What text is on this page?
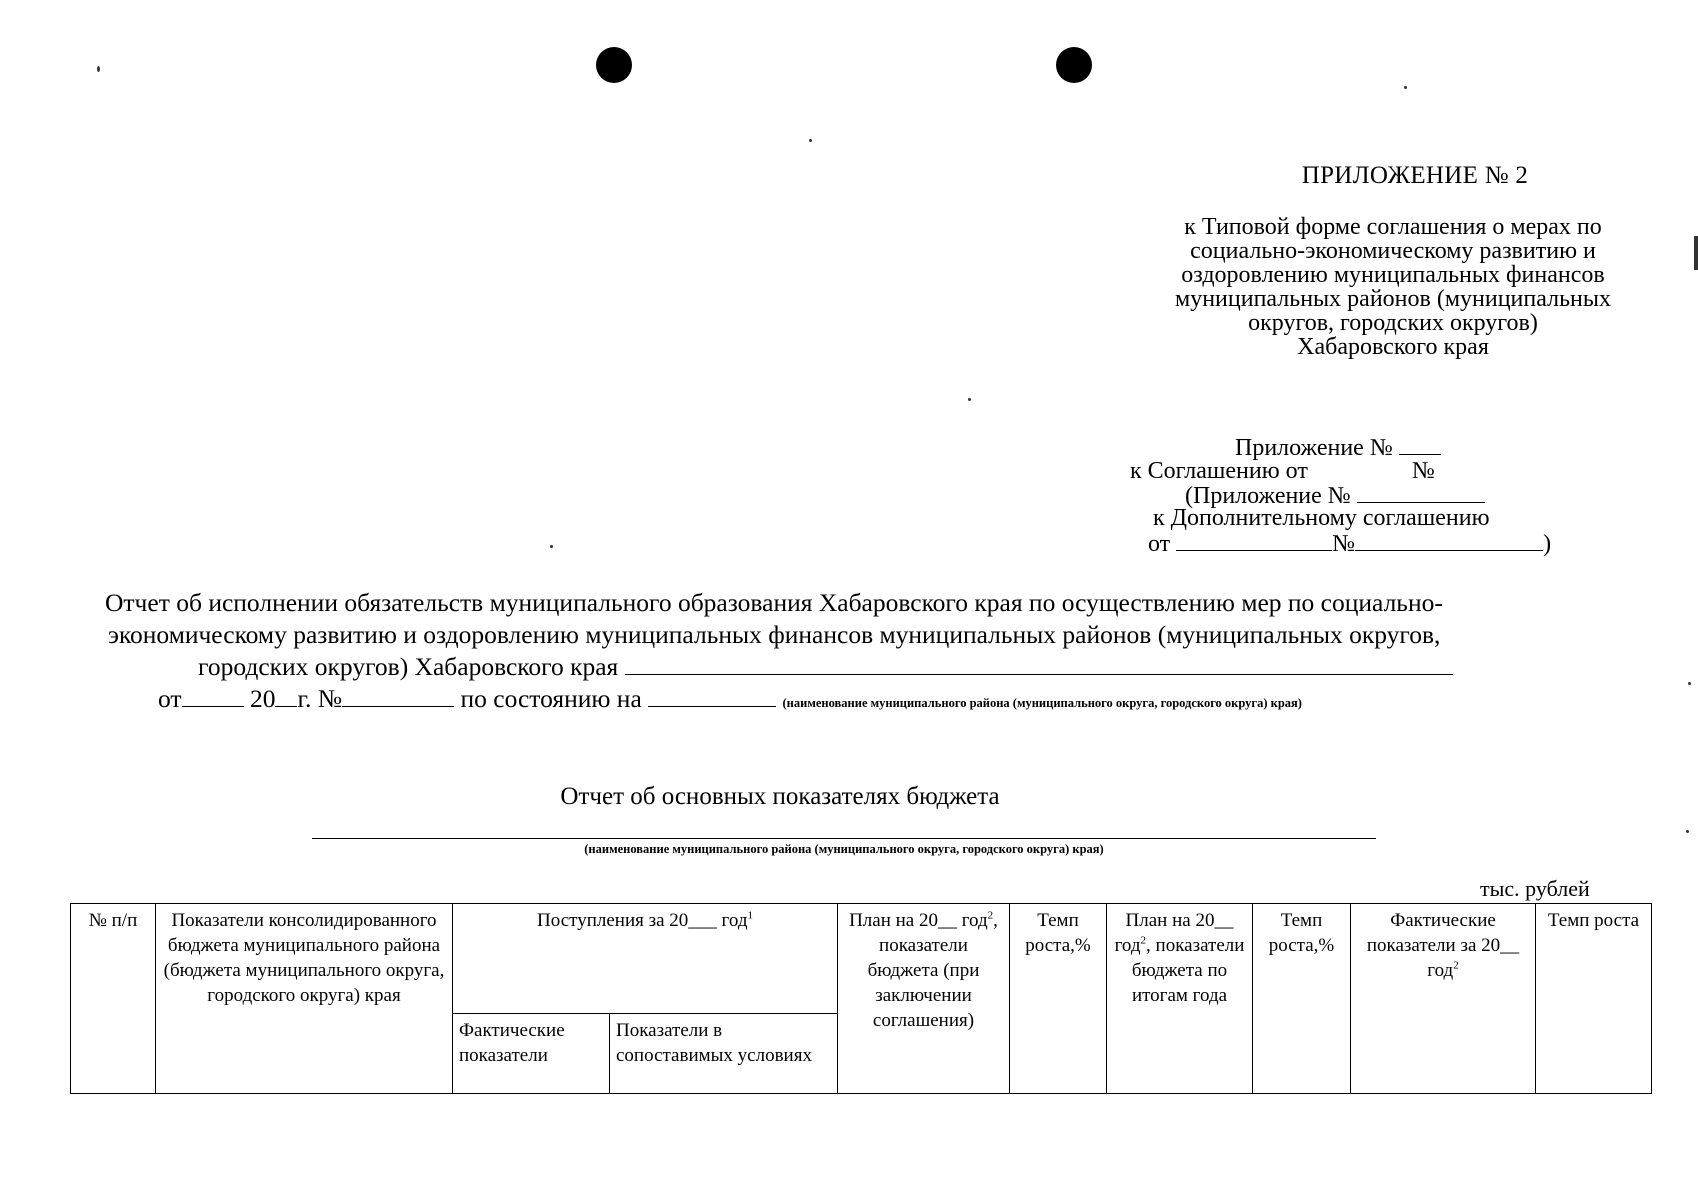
ПРИЛОЖЕНИЕ № 2
к Типовой форме соглашения о мерах по
социально-экономическому развитию и
оздоровлению муниципальных финансов
муниципальных районов (муниципальных
округов, городских округов)
Хабаровского края
Приложение №
к Соглашению от	№
(Приложение №
к Дополнительному соглашению
от	№	)
Отчет об исполнении обязательств муниципального образования Хабаровского края по осуществлению мер по социально-
экономическому развитию и оздоровлению муниципальных финансов муниципальных районов (муниципальных округов,
городских округов) Хабаровского края
от	20 г. №	по состоянию на	(наименование муниципального района (муниципального округа, городского округа) края)
Отчет об основных показателях бюджета
(наименование муниципального района (муниципального округа, городского округа) края)
тыс. рублей
№ п/п	Показатели консолидированного бюджета муниципального района (бюджета муниципального округа, городского округа) края	Поступления за 20___ год$^1$		План на 20__ год$^2$, показатели бюджета (при заключении соглашения)	Темп роста,%	План на 20__ год$^2$, показатели бюджета по итогам года	Темп роста,%	Фактические показатели за 20__ год$^2$	Темп роста
		Фактические показатели	Показатели в сопоставимых условиях						
